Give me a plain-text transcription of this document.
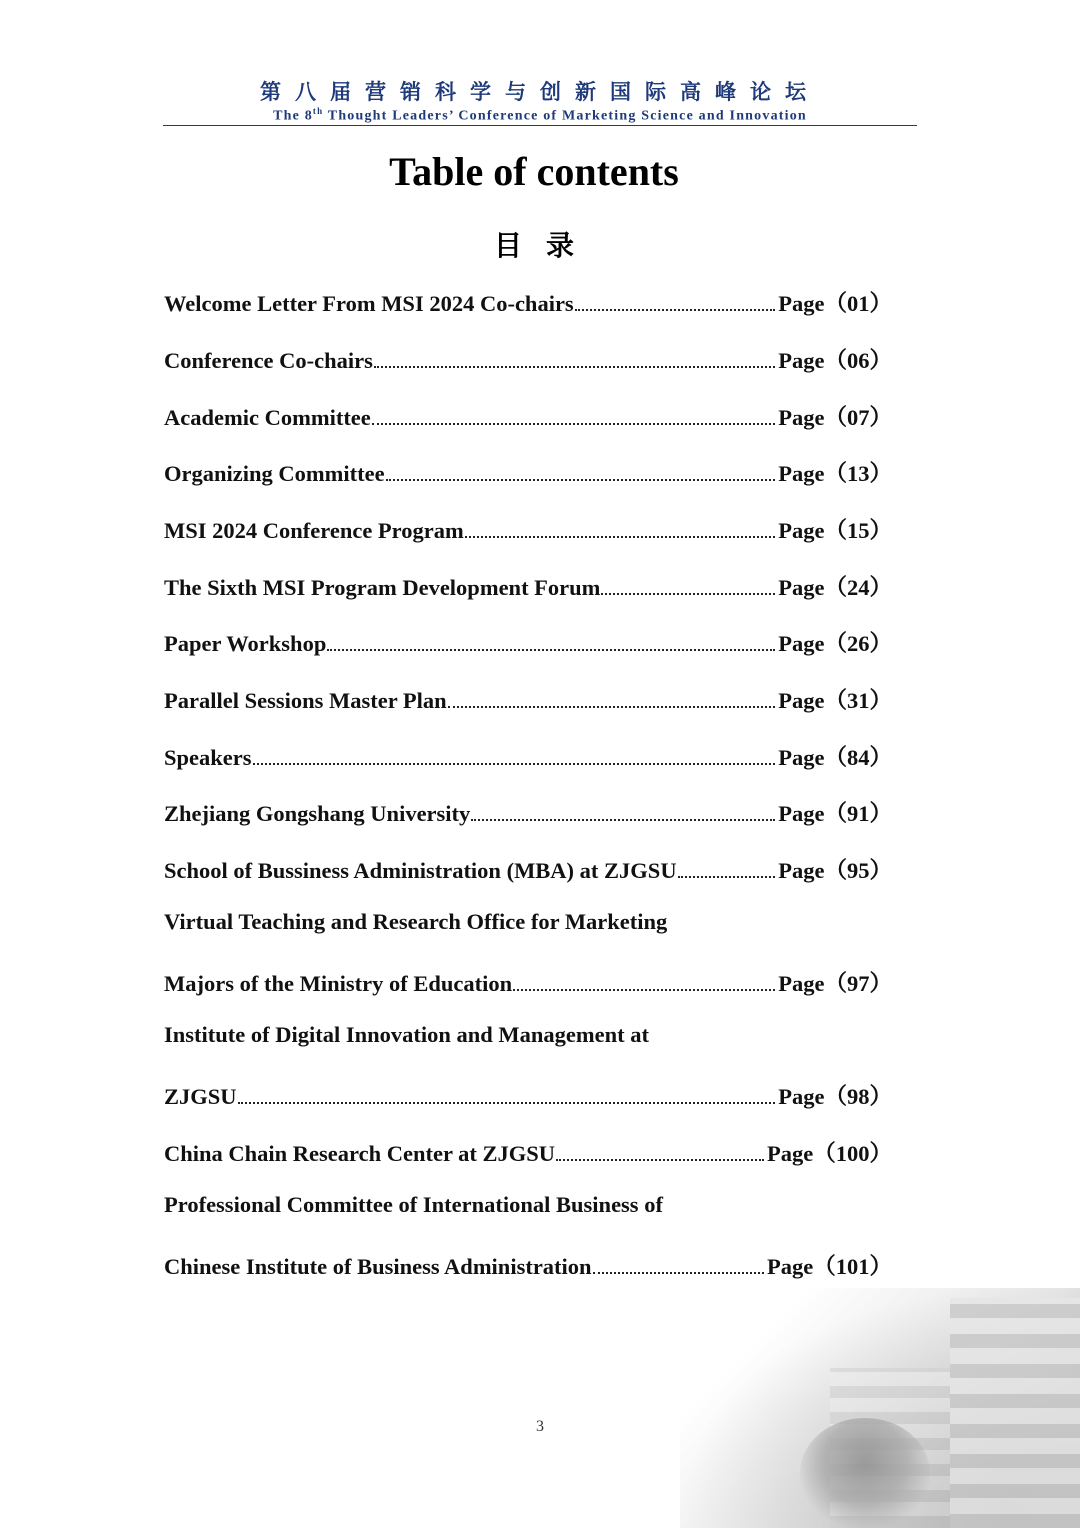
第八届营销科学与创新国际高峰论坛
The 8th Thought Leaders’ Conference of Marketing Science and Innovation
Table of contents
目录
Welcome Letter From MSI 2024 Co-chairs	Page（01）
Conference Co-chairs	Page（06）
Academic Committee	Page（07）
Organizing Committee	Page（13）
MSI 2024 Conference Program	Page（15）
The Sixth MSI Program Development Forum	Page（24）
Paper Workshop	Page（26）
Parallel Sessions Master Plan	Page（31）
Speakers	Page（84）
Zhejiang Gongshang University	Page（91）
School of Bussiness Administration (MBA) at ZJGSU	Page（95）
Virtual Teaching and Research Office for Marketing
Majors of the Ministry of Education	Page（97）
Institute of Digital Innovation and Management at
ZJGSU	Page（98）
China Chain Research Center at ZJGSU	Page（100）
Professional Committee of International Business of
Chinese Institute of Business Administration	Page（101）
3
